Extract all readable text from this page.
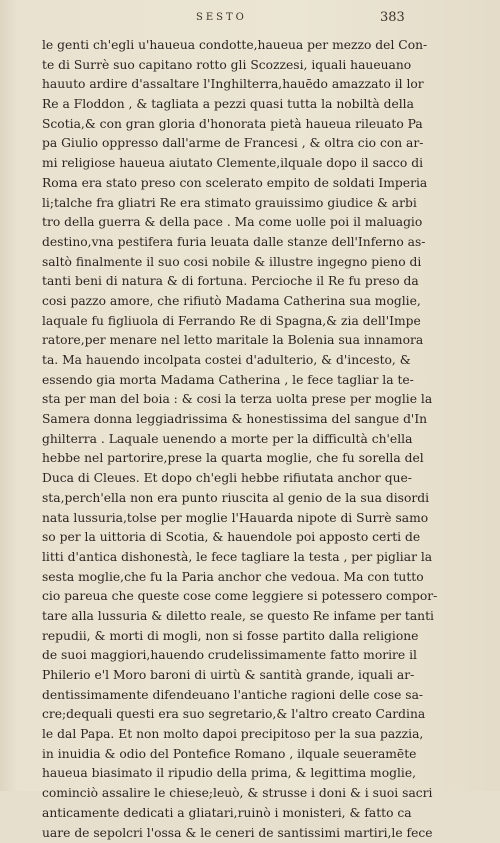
SESTO	383
le genti ch'egli u'haueua condotte,haueua per mezzo del Con-
te di Surrè suo capitano rotto gli Scozzesi, iquali haueuano
hauuto ardire d'assaltare l'Inghilterra,hauēdo amazzato il lor
Re a Floddon , & tagliata a pezzi quasi tutta la nobiltà della
Scotia,& con gran gloria d'honorata pietà haueua rileuato Pa
pa Giulio oppresso dall'arme de Francesi , & oltra cio con ar-
mi religiose haueua aiutato Clemente,ilquale dopo il sacco di
Roma era stato preso con scelerato empito de soldati Imperia
li;talche fra gliatri Re era stimato grauissimo giudice & arbi
tro della guerra & della pace . Ma come uolle poi il maluagio
destino,vna pestifera furia leuata dalle stanze dell'Inferno as-
saltò finalmente il suo cosi nobile & illustre ingegno pieno di
tanti beni di natura & di fortuna. Percioche il Re fu preso da
cosi pazzo amore, che rifiutò Madama Catherina sua moglie,
laquale fu figliuola di Ferrando Re di Spagna,& zia dell'Impe
ratore,per menare nel letto maritale la Bolenia sua innamora
ta. Ma hauendo incolpata costei d'adulterio, & d'incesto, &
essendo gia morta Madama Catherina , le fece tagliar la te-
sta per man del boia : & cosi la terza uolta prese per moglie la
Samera donna leggiadrissima & honestissima del sangue d'In
ghilterra . Laquale uenendo a morte per la difficultà ch'ella
hebbe nel partorire,prese la quarta moglie, che fu sorella del
Duca di Cleues. Et dopo ch'egli hebbe rifiutata anchor que-
sta,perch'ella non era punto riuscita al genio de la sua disordi
nata lussuria,tolse per moglie l'Hauarda nipote di Surrè samo
so per la uittoria di Scotia, & hauendole poi apposto certi de
litti d'antica dishonestà, le fece tagliare la testa , per pigliar la
sesta moglie,che fu la Paria anchor che vedoua. Ma con tutto
cio pareua che queste cose come leggiere si potessero compor-
tare alla lussuria & diletto reale, se questo Re infame per tanti
repudii, & morti di mogli, non si fosse partito dalla religione
de suoi maggiori,hauendo crudelissimamente fatto morire il
Philerio e'l Moro baroni di uirtù & santità grande, iquali ar-
dentissimamente difendeuano l'antiche ragioni delle cose sa-
cre;dequali questi era suo segretario,& l'altro creato Cardina
le dal Papa. Et non molto dapoi precipitoso per la sua pazzia,
in inuidia & odio del Pontefice Romano , ilquale seueramēte
haueua biasimato il ripudio della prima, & legittima moglie,
cominciò assalire le chiese;leuò, & strusse i doni & i suoi sacri
anticamente dedicati a gliatari,ruinò i monisteri, & fatto ca
uare de sepolcri l'ossa & le ceneri de santissimi martiri,le fece
